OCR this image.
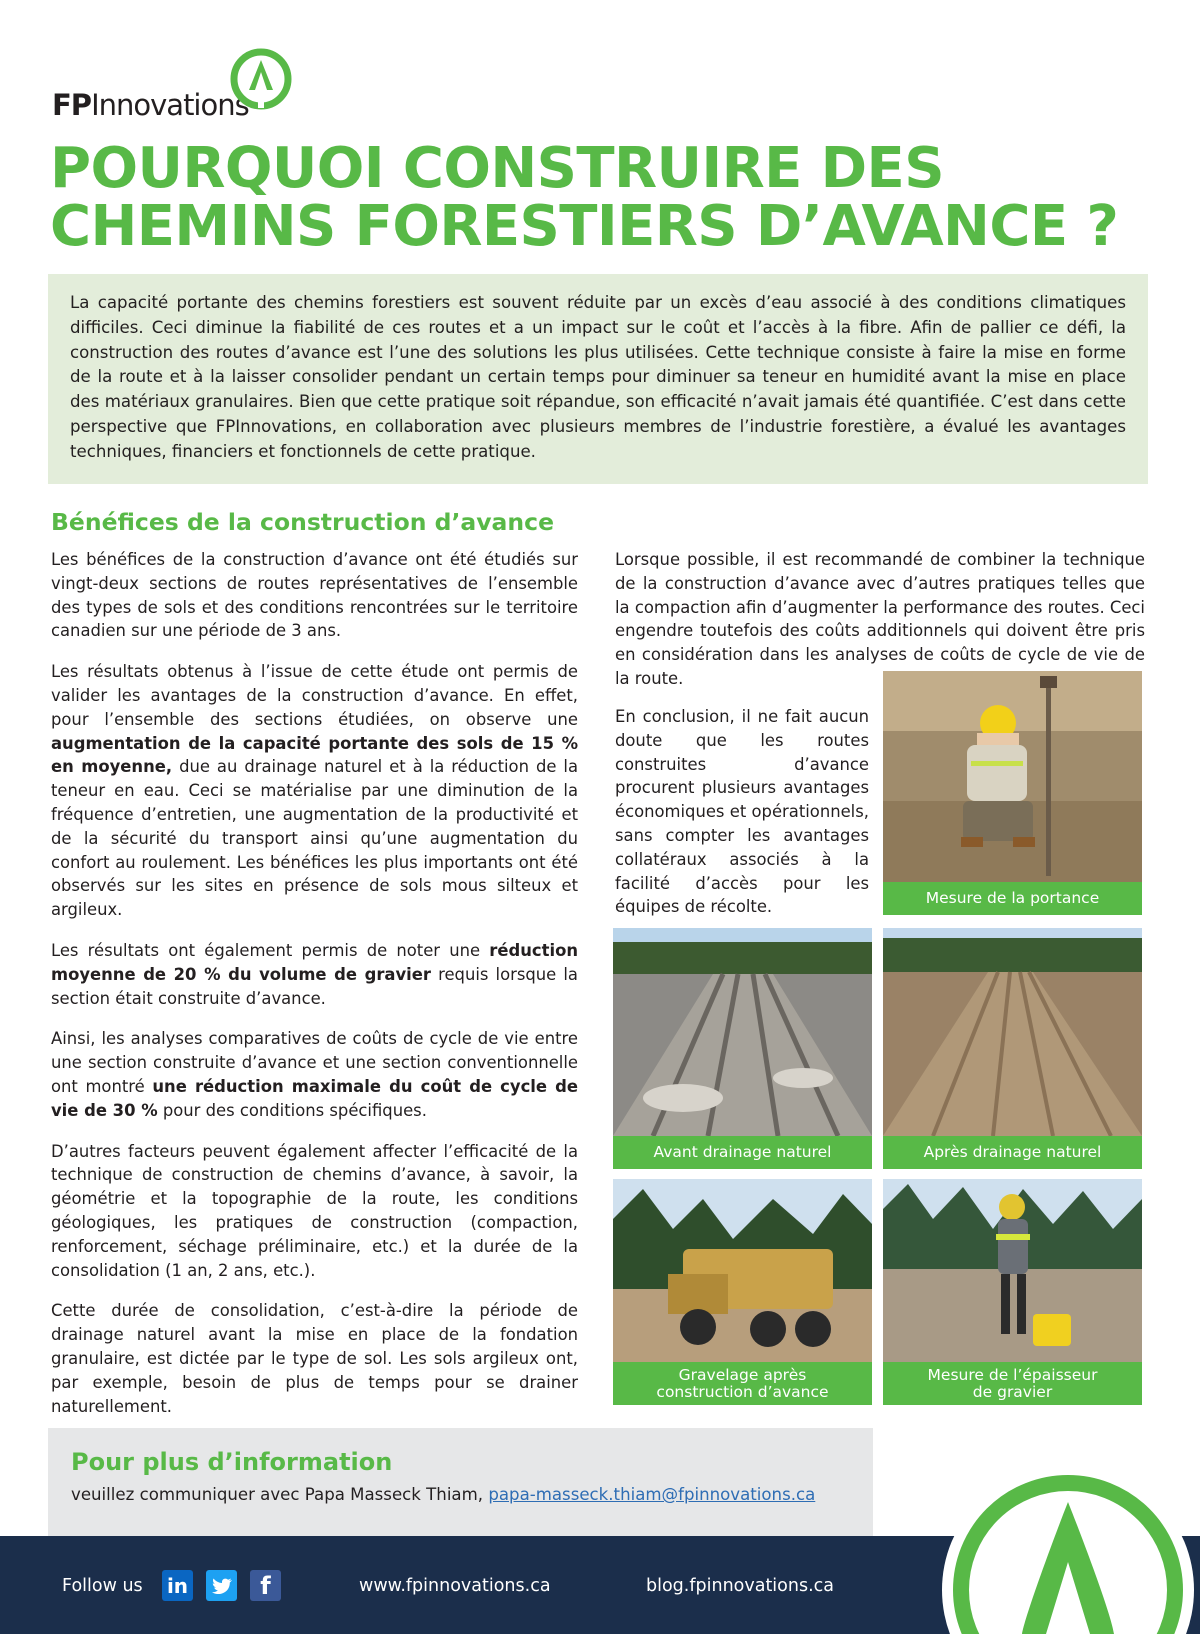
FPInnovations
POURQUOI CONSTRUIRE DES
CHEMINS FORESTIERS D’AVANCE ?

La capacité portante des chemins forestiers est souvent réduite par un excès d’eau associé à des conditions climatiques difficiles. Ceci diminue la fiabilité de ces routes et a un impact sur le coût et l’accès à la fibre. Afin de pallier ce défi, la construction des routes d’avance est l’une des solutions les plus utilisées. Cette technique consiste à faire la mise en forme de la route et à la laisser consolider pendant un certain temps pour diminuer sa teneur en humidité avant la mise en place des matériaux granulaires. Bien que cette pratique soit répandue, son efficacité n’avait jamais été quantifiée. C’est dans cette perspective que FPInnovations, en collaboration avec plusieurs membres de l’industrie forestière, a évalué les avantages techniques, financiers et fonctionnels de cette pratique.

Bénéfices de la construction d’avance

Les bénéfices de la construction d’avance ont été étudiés sur vingt-deux sections de routes représentatives de l’ensemble des types de sols et des conditions rencontrées sur le territoire canadien sur une période de 3 ans.

Les résultats obtenus à l’issue de cette étude ont permis de valider les avantages de la construction d’avance. En effet, pour l’ensemble des sections étudiées, on observe une augmentation de la capacité portante des sols de 15 % en moyenne, due au drainage naturel et à la réduction de la teneur en eau. Ceci se matérialise par une diminution de la fréquence d’entretien, une augmentation de la productivité et de la sécurité du transport ainsi qu’une augmentation du confort au roulement. Les bénéfices les plus importants ont été observés sur les sites en présence de sols mous silteux et argileux.

Les résultats ont également permis de noter une réduction moyenne de 20 % du volume de gravier requis lorsque la section était construite d’avance.

Ainsi, les analyses comparatives de coûts de cycle de vie entre une section construite d’avance et une section conventionnelle ont montré une réduction maximale du coût de cycle de vie de 30 % pour des conditions spécifiques.

D’autres facteurs peuvent également affecter l’efficacité de la technique de construction de chemins d’avance, à savoir, la géométrie et la topographie de la route, les conditions géologiques, les pratiques de construction (compaction, renforcement, séchage préliminaire, etc.) et la durée de la consolidation (1 an, 2 ans, etc.).

Cette durée de consolidation, c’est-à-dire la période de drainage naturel avant la mise en place de la fondation granulaire, est dictée par le type de sol. Les sols argileux ont, par exemple, besoin de plus de temps pour se drainer naturellement.

Lorsque possible, il est recommandé de combiner la technique de la construction d’avance avec d’autres pratiques telles que la compaction afin d’augmenter la performance des routes. Ceci engendre toutefois des coûts additionnels qui doivent être pris en considération dans les analyses de coûts de cycle de vie de la route.

En conclusion, il ne fait aucun doute que les routes construites d’avance procurent plusieurs avantages économiques et opérationnels, sans compter les avantages collatéraux associés à la facilité d’accès pour les équipes de récolte.	Mesure de la portance
Avant drainage naturel	Après drainage naturel
Gravelage après
construction d’avance
Mesure de l’épaisseur
de gravier
Pour plus d’information
veuillez communiquer avec Papa Masseck Thiam, papa-masseck.thiam@fpinnovations.ca
Follow us in	f	www.fpinnovations.ca	blog.fpinnovations.ca
